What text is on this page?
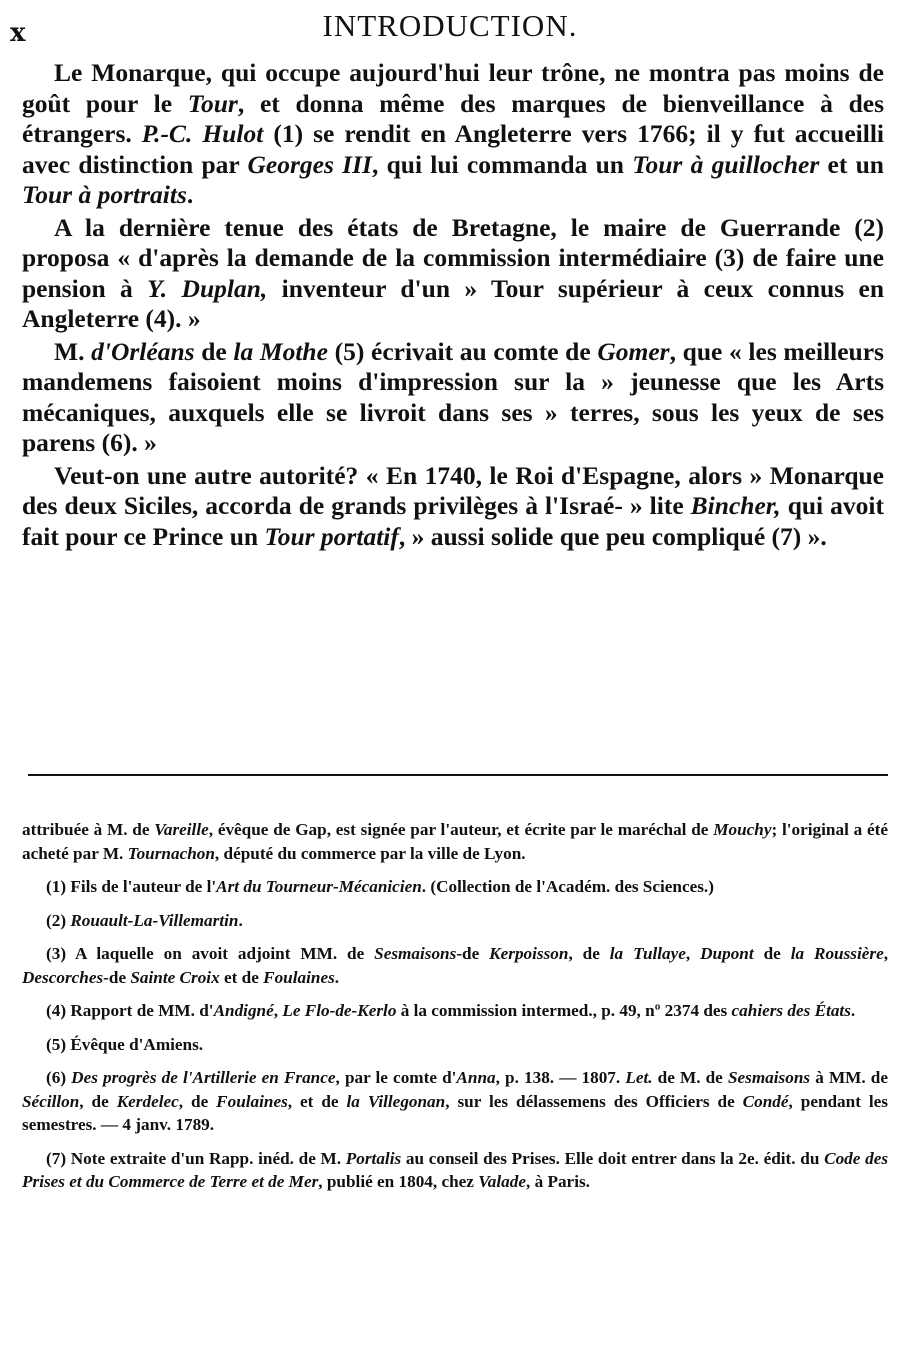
x	INTRODUCTION.

Le Monarque, qui occupe aujourd'hui leur trône, ne montra pas moins de goût pour le Tour, et donna même des marques de bienveillance à des étrangers. P.-C. Hulot (1) se rendit en Angleterre vers 1766; il y fut accueilli avec distinction par Georges III, qui lui commanda un Tour à guillocher et un Tour à portraits.

A la dernière tenue des états de Bretagne, le maire de Guerrande (2) proposa « d'après la demande de la commission intermédiaire (3) de faire une pension à Y. Duplan, inventeur d'un » Tour supérieur à ceux connus en Angleterre (4). »

M. d'Orléans de la Mothe (5) écrivait au comte de Gomer, que « les meilleurs mandemens faisoient moins d'impression sur la » jeunesse que les Arts mécaniques, auxquels elle se livroit dans ses » terres, sous les yeux de ses parens (6). »

Veut-on une autre autorité? « En 1740, le Roi d'Espagne, alors » Monarque des deux Siciles, accorda de grands privilèges à l'Israé- » lite Bincher, qui avoit fait pour ce Prince un Tour portatif, » aussi solide que peu compliqué (7) ».

attribuée à M. de Vareille, évêque de Gap, est signée par l'auteur, et écrite par le maréchal de Mouchy; l'original a été acheté par M. Tournachon, député du commerce par la ville de Lyon.

(1) Fils de l'auteur de l'Art du Tourneur-Mécanicien. (Collection de l'Académ. des Sciences.)

(2) Rouault-La-Villemartin.

(3) A laquelle on avoit adjoint MM. de Sesmaisons-de Kerpoisson, de la Tullaye, Dupont de la Roussière, Descorches-de Sainte Croix et de Foulaines.

(4) Rapport de MM. d'Andigné, Le Flo-de-Kerlo à la commission intermed., p. 49, nº 2374 des cahiers des États.

(5) Évêque d'Amiens.

(6) Des progrès de l'Artillerie en France, par le comte d'Anna, p. 138. — 1807. Let. de M. de Sesmaisons à MM. de Sécillon, de Kerdelec, de Foulaines, et de la Villegonan, sur les délassemens des Officiers de Condé, pendant les semestres. — 4 janv. 1789.

(7) Note extraite d'un Rapp. inéd. de M. Portalis au conseil des Prises. Elle doit entrer dans la 2e. édit. du Code des Prises et du Commerce de Terre et de Mer, publié en 1804, chez Valade, à Paris.
